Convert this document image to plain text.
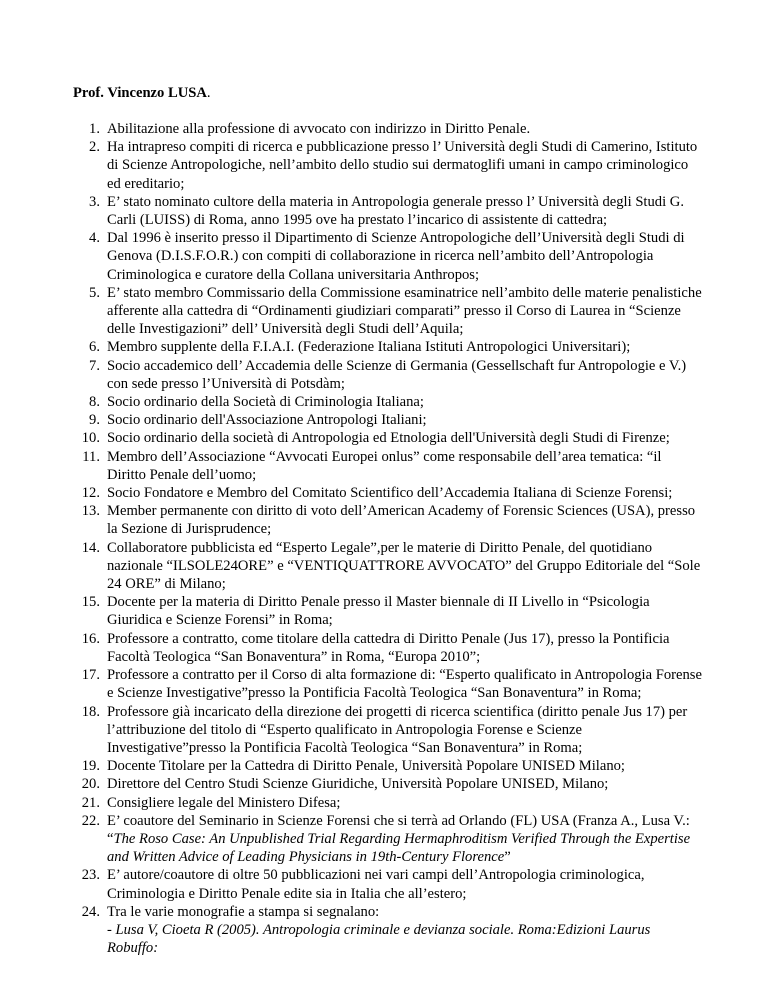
Prof. Vincenzo LUSA.
1. Abilitazione alla professione di avvocato con indirizzo in Diritto Penale.
2. Ha intrapreso compiti di ricerca e pubblicazione presso l’ Università degli Studi di Camerino, Istituto di Scienze Antropologiche, nell’ambito dello studio sui dermatoglifi umani in campo criminologico ed ereditario;
3. E’ stato nominato cultore della materia in Antropologia generale presso l’ Università degli Studi G. Carli (LUISS) di Roma, anno 1995 ove ha prestato l’incarico di assistente di cattedra;
4. Dal 1996 è inserito presso il Dipartimento di Scienze Antropologiche dell’Università degli Studi di Genova (D.I.S.F.O.R.) con compiti di collaborazione in ricerca nell’ambito dell’Antropologia Criminologica e curatore della Collana universitaria Anthropos;
5. E’ stato membro Commissario della Commissione esaminatrice nell’ambito delle materie penalistiche afferente alla cattedra di “Ordinamenti giudiziari comparati” presso il Corso di Laurea in “Scienze delle Investigazioni” dell’ Università degli Studi dell’Aquila;
6. Membro supplente della F.I.A.I. (Federazione Italiana Istituti Antropologici Universitari);
7. Socio accademico dell’ Accademia delle Scienze di Germania (Gessellschaft fur Antropologie e V.) con sede presso l’Università di Potsdàm;
8. Socio ordinario della Società di Criminologia Italiana;
9. Socio ordinario dell'Associazione Antropologi Italiani;
10. Socio ordinario della società di Antropologia ed Etnologia dell'Università degli Studi di Firenze;
11. Membro dell’Associazione “Avvocati Europei onlus” come responsabile dell’area tematica: “il Diritto Penale dell’uomo;
12. Socio Fondatore e Membro del Comitato Scientifico dell’Accademia Italiana di Scienze Forensi;
13. Member permanente con diritto di voto dell’American Academy of Forensic Sciences (USA), presso la Sezione di Jurisprudence;
14. Collaboratore pubblicista ed “Esperto Legale”,per le materie di Diritto Penale, del quotidiano nazionale “ILSOLE24ORE” e “VENTIQUATTRORE AVVOCATO” del Gruppo Editoriale del “Sole 24 ORE” di Milano;
15. Docente per la materia di Diritto Penale presso il Master biennale di II Livello in “Psicologia Giuridica e Scienze Forensi” in Roma;
16. Professore a contratto, come titolare della cattedra di Diritto Penale (Jus 17), presso la Pontificia Facoltà Teologica “San Bonaventura” in Roma, “Europa 2010”;
17. Professore a contratto per il Corso di alta formazione di: “Esperto qualificato in Antropologia Forense e Scienze Investigative”presso la Pontificia Facoltà Teologica “San Bonaventura” in Roma;
18. Professore già incaricato della direzione dei progetti di ricerca scientifica (diritto penale Jus 17) per l’attribuzione del titolo di “Esperto qualificato in Antropologia Forense e Scienze Investigative”presso la Pontificia Facoltà Teologica “San Bonaventura” in Roma;
19. Docente Titolare per la Cattedra di Diritto Penale, Università Popolare UNISED Milano;
20. Direttore del Centro Studi Scienze Giuridiche, Università Popolare UNISED, Milano;
21. Consigliere legale del Ministero Difesa;
22. E’ coautore del Seminario in Scienze Forensi che si terrà ad Orlando (FL) USA (Franza A., Lusa V.: “The Roso Case: An Unpublished Trial Regarding Hermaphroditism Verified Through the Expertise and Written Advice of Leading Physicians in 19th-Century Florence”
23. E’ autore/coautore di oltre 50 pubblicazioni nei vari campi dell’Antropologia criminologica, Criminologia e Diritto Penale edite sia in Italia che all’estero;
24. Tra le varie monografie a stampa si segnalano:
- Lusa V, Cioeta R (2005). Antropologia criminale e devianza sociale. Roma:Edizioni Laurus Robuffo:
